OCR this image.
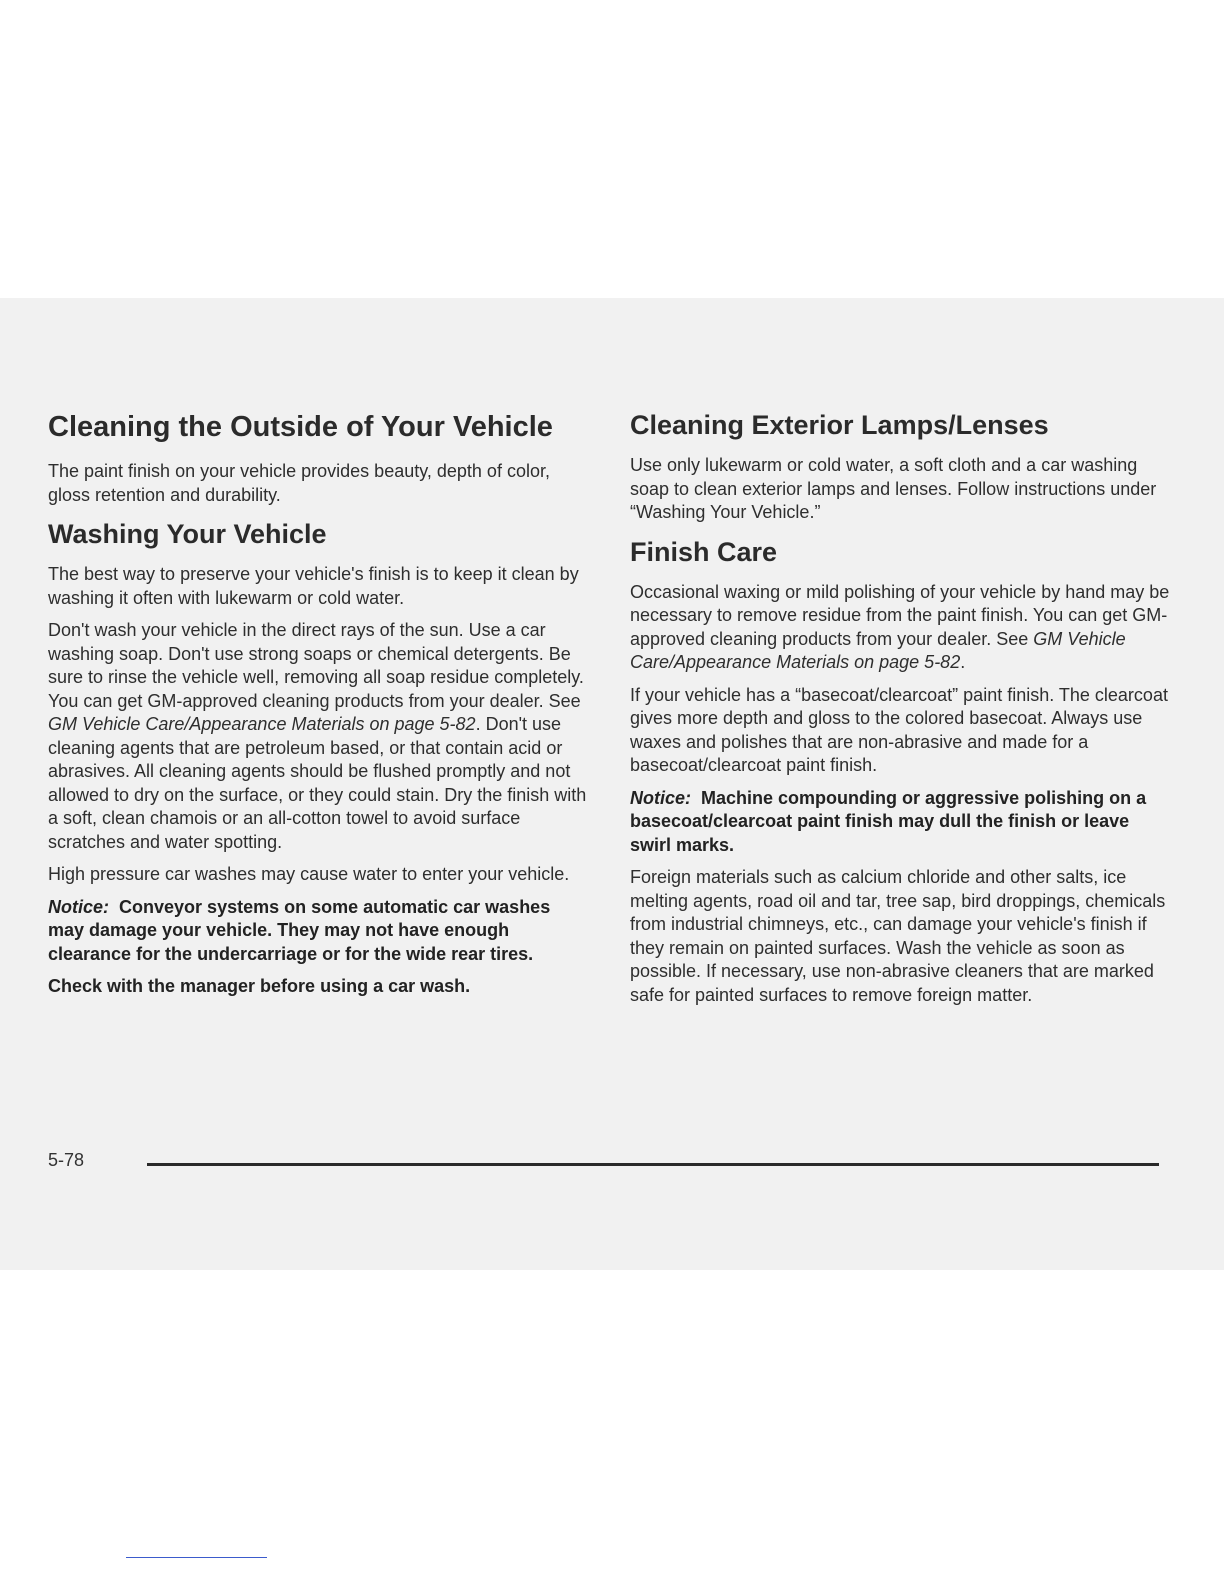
Cleaning the Outside of Your Vehicle

The paint finish on your vehicle provides beauty, depth of color, gloss retention and durability.

Washing Your Vehicle

The best way to preserve your vehicle's finish is to keep it clean by washing it often with lukewarm or cold water.

Don't wash your vehicle in the direct rays of the sun. Use a car washing soap. Don't use strong soaps or chemical detergents. Be sure to rinse the vehicle well, removing all soap residue completely. You can get GM-approved cleaning products from your dealer. See GM Vehicle Care/Appearance Materials on page 5-82. Don't use cleaning agents that are petroleum based, or that contain acid or abrasives. All cleaning agents should be flushed promptly and not allowed to dry on the surface, or they could stain. Dry the finish with a soft, clean chamois or an all-cotton towel to avoid surface scratches and water spotting.

High pressure car washes may cause water to enter your vehicle.

Notice: Conveyor systems on some automatic car washes may damage your vehicle. They may not have enough clearance for the undercarriage or for the wide rear tires.

Check with the manager before using a car wash.

Cleaning Exterior Lamps/Lenses

Use only lukewarm or cold water, a soft cloth and a car washing soap to clean exterior lamps and lenses. Follow instructions under “Washing Your Vehicle.”

Finish Care

Occasional waxing or mild polishing of your vehicle by hand may be necessary to remove residue from the paint finish. You can get GM-approved cleaning products from your dealer. See GM Vehicle Care/Appearance Materials on page 5-82.

If your vehicle has a “basecoat/clearcoat” paint finish. The clearcoat gives more depth and gloss to the colored basecoat. Always use waxes and polishes that are non-abrasive and made for a basecoat/clearcoat paint finish.

Notice: Machine compounding or aggressive polishing on a basecoat/clearcoat paint finish may dull the finish or leave swirl marks.

Foreign materials such as calcium chloride and other salts, ice melting agents, road oil and tar, tree sap, bird droppings, chemicals from industrial chimneys, etc., can damage your vehicle's finish if they remain on painted surfaces. Wash the vehicle as soon as possible. If necessary, use non-abrasive cleaners that are marked safe for painted surfaces to remove foreign matter.

5-78
